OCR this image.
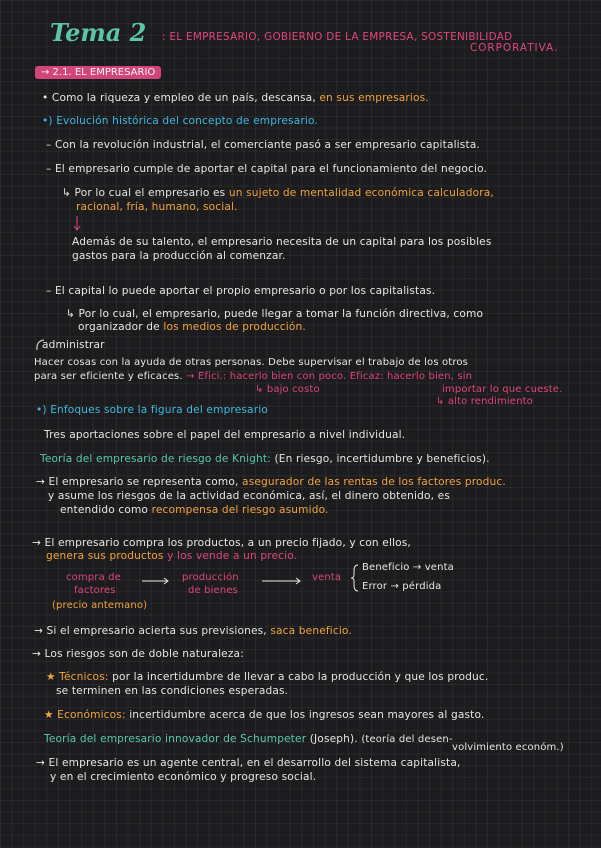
Tema 2 : EL EMPRESARIO, GOBIERNO DE LA EMPRESA, SOSTENIBILIDAD
CORPORATIVA.
→ 2.1. EL EMPRESARIO
• Como la riqueza y empleo de un país, descansa, en sus empresarios.
•) Evolución histórica del concepto de empresario.
– Con la revolución industrial, el comerciante pasó a ser empresario capitalista.
– El empresario cumple de aportar el capital para el funcionamiento del negocio.
↳ Por lo cual el empresario es un sujeto de mentalidad económica calculadora,
racional, fría, humano, social.
Además de su talento, el empresario necesita de un capital para los posibles
gastos para la producción al comenzar.
– El capital lo puede aportar el propio empresario o por los capitalistas.
↳ Por lo cual, el empresario, puede llegar a tomar la función directiva, como
organizador de los medios de producción.
administrar
Hacer cosas con la ayuda de otras personas. Debe supervisar el trabajo de los otros
para ser eficiente y eficaces. → Efici.: hacerlo bien con poco. Eficaz: hacerlo bien, sin
↳ bajo costo	importar lo que cueste.
↳ alto rendimiento
•) Enfoques sobre la figura del empresario
Tres aportaciones sobre el papel del empresario a nivel individual.
Teoría del empresario de riesgo de Knight: (En riesgo, incertidumbre y beneficios).
→ El empresario se representa como, asegurador de las rentas de los factores produc.
y asume los riesgos de la actividad económica, así, el dinero obtenido, es
entendido como recompensa del riesgo asumido.
→ El empresario compra los productos, a un precio fijado, y con ellos,
genera sus productos y los vende a un precio.
compra de
factores
producción
de bienes
venta
Beneficio → venta
Error → pérdida
(precio antemano)
→ Si el empresario acierta sus previsiones, saca beneficio.
→ Los riesgos son de doble naturaleza:
★ Técnicos: por la incertidumbre de llevar a cabo la producción y que los produc.
se terminen en las condiciones esperadas.
★ Económicos: incertidumbre acerca de que los ingresos sean mayores al gasto.
Teoría del empresario innovador de Schumpeter (Joseph). (teoría del desen-
volvimiento económ.)
→ El empresario es un agente central, en el desarrollo del sistema capitalista,
y en el crecimiento económico y progreso social.
